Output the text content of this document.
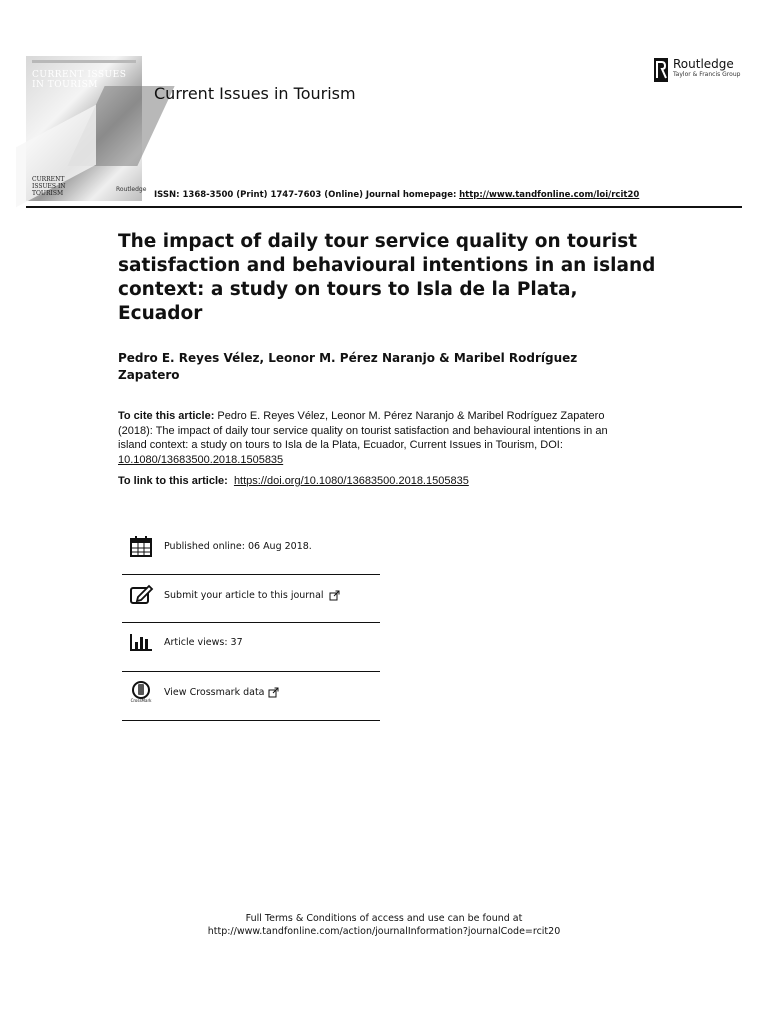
CURRENT ISSUES
IN TOURISM
CURRENT
ISSUES IN
TOURISM
Routledge
Current Issues in Tourism
Routledge
Taylor & Francis Group
ISSN: 1368-3500 (Print) 1747-7603 (Online) Journal homepage: http://www.tandfonline.com/loi/rcit20
The impact of daily tour service quality on tourist satisfaction and behavioural intentions in an island context: a study on tours to Isla de la Plata, Ecuador
Pedro E. Reyes Vélez, Leonor M. Pérez Naranjo & Maribel Rodríguez Zapatero
To cite this article: Pedro E. Reyes Vélez, Leonor M. Pérez Naranjo & Maribel Rodríguez Zapatero (2018): The impact of daily tour service quality on tourist satisfaction and behavioural intentions in an island context: a study on tours to Isla de la Plata, Ecuador, Current Issues in Tourism, DOI: 10.1080/13683500.2018.1505835
To link to this article: https://doi.org/10.1080/13683500.2018.1505835
Published online: 06 Aug 2018.
Submit your article to this journal
Article views: 37
CrossMark
View Crossmark data
Full Terms & Conditions of access and use can be found at
http://www.tandfonline.com/action/journalInformation?journalCode=rcit20
